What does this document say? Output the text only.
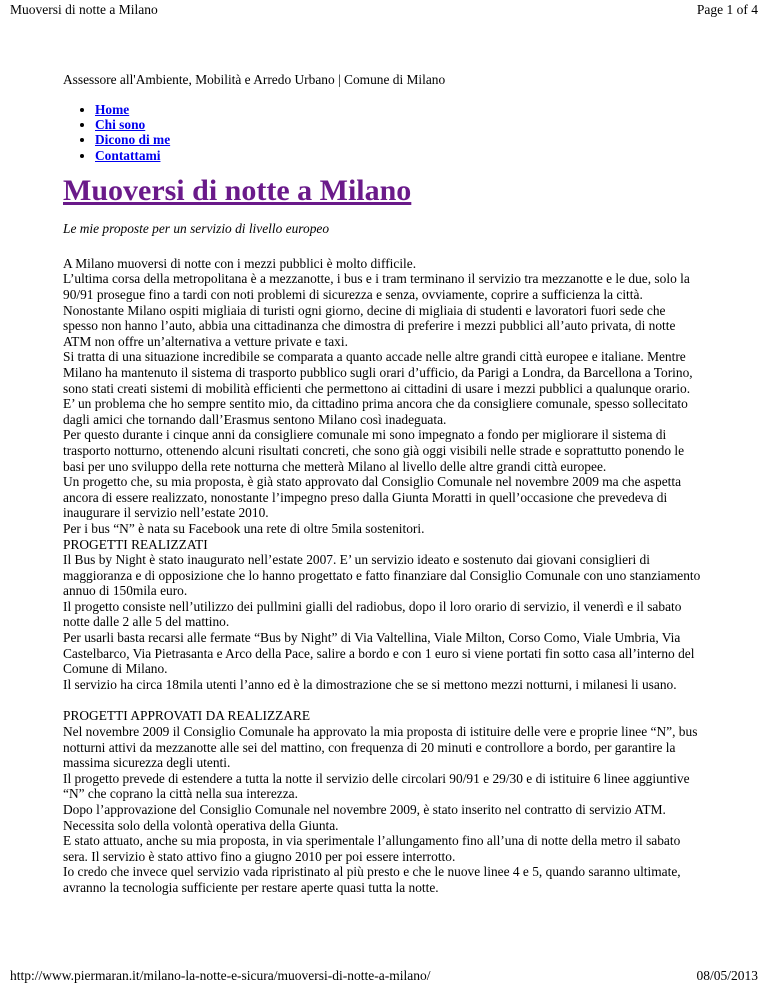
Muoversi di notte a Milano	Page 1 of 4
Assessore all'Ambiente, Mobilità e Arredo Urbano | Comune di Milano
• Home
• Chi sono
• Dicono di me
• Contattami
Muoversi di notte a Milano
Le mie proposte per un servizio di livello europeo
A Milano muoversi di notte con i mezzi pubblici è molto difficile.
L’ultima corsa della metropolitana è a mezzanotte, i bus e i tram terminano il servizio tra mezzanotte e le due, solo la 90/91 prosegue fino a tardi con noti problemi di sicurezza e senza, ovviamente, coprire a sufficienza la città.
Nonostante Milano ospiti migliaia di turisti ogni giorno, decine di migliaia di studenti e lavoratori fuori sede che spesso non hanno l’auto, abbia una cittadinanza che dimostra di preferire i mezzi pubblici all’auto privata, di notte ATM non offre un’alternativa a vetture private e taxi.
Si tratta di una situazione incredibile se comparata a quanto accade nelle altre grandi città europee e italiane. Mentre Milano ha mantenuto il sistema di trasporto pubblico sugli orari d’ufficio, da Parigi a Londra, da Barcellona a Torino, sono stati creati sistemi di mobilità efficienti che permettono ai cittadini di usare i mezzi pubblici a qualunque orario.
E’ un problema che ho sempre sentito mio, da cittadino prima ancora che da consigliere comunale, spesso sollecitato dagli amici che tornando dall’Erasmus sentono Milano così inadeguata.
Per questo durante i cinque anni da consigliere comunale mi sono impegnato a fondo per migliorare il sistema di trasporto notturno, ottenendo alcuni risultati concreti, che sono già oggi visibili nelle strade e soprattutto ponendo le basi per uno sviluppo della rete notturna che metterà Milano al livello delle altre grandi città europee.
Un progetto che, su mia proposta, è già stato approvato dal Consiglio Comunale nel novembre 2009 ma che aspetta ancora di essere realizzato, nonostante l’impegno preso dalla Giunta Moratti in quell’occasione che prevedeva di inaugurare il servizio nell’estate 2010.
Per i bus “N” è nata su Facebook una rete di oltre 5mila sostenitori.
PROGETTI REALIZZATI
Il Bus by Night è stato inaugurato nell’estate 2007. E’ un servizio ideato e sostenuto dai giovani consiglieri di maggioranza e di opposizione che lo hanno progettato e fatto finanziare dal Consiglio Comunale con uno stanziamento annuo di 150mila euro.
Il progetto consiste nell’utilizzo dei pullmini gialli del radiobus, dopo il loro orario di servizio, il venerdì e il sabato notte dalle 2 alle 5 del mattino.
Per usarli basta recarsi alle fermate “Bus by Night” di Via Valtellina, Viale Milton, Corso Como, Viale Umbria, Via Castelbarco, Via Pietrasanta e Arco della Pace, salire a bordo e con 1 euro si viene portati fin sotto casa all’interno del Comune di Milano.
Il servizio ha circa 18mila utenti l’anno ed è la dimostrazione che se si mettono mezzi notturni, i milanesi li usano.
PROGETTI APPROVATI DA REALIZZARE
Nel novembre 2009 il Consiglio Comunale ha approvato la mia proposta di istituire delle vere e proprie linee “N”, bus notturni attivi da mezzanotte alle sei del mattino, con frequenza di 20 minuti e controllore a bordo, per garantire la massima sicurezza degli utenti.
Il progetto prevede di estendere a tutta la notte il servizio delle circolari 90/91 e 29/30 e di istituire 6 linee aggiuntive “N” che coprano la città nella sua interezza.
Dopo l’approvazione del Consiglio Comunale nel novembre 2009, è stato inserito nel contratto di servizio ATM. Necessita solo della volontà operativa della Giunta.
E stato attuato, anche su mia proposta, in via sperimentale l’allungamento fino all’una di notte della metro il sabato sera. Il servizio è stato attivo fino a giugno 2010 per poi essere interrotto.
Io credo che invece quel servizio vada ripristinato al più presto e che le nuove linee 4 e 5, quando saranno ultimate, avranno la tecnologia sufficiente per restare aperte quasi tutta la notte.
http://www.piermaran.it/milano-la-notte-e-sicura/muoversi-di-notte-a-milano/	08/05/2013
